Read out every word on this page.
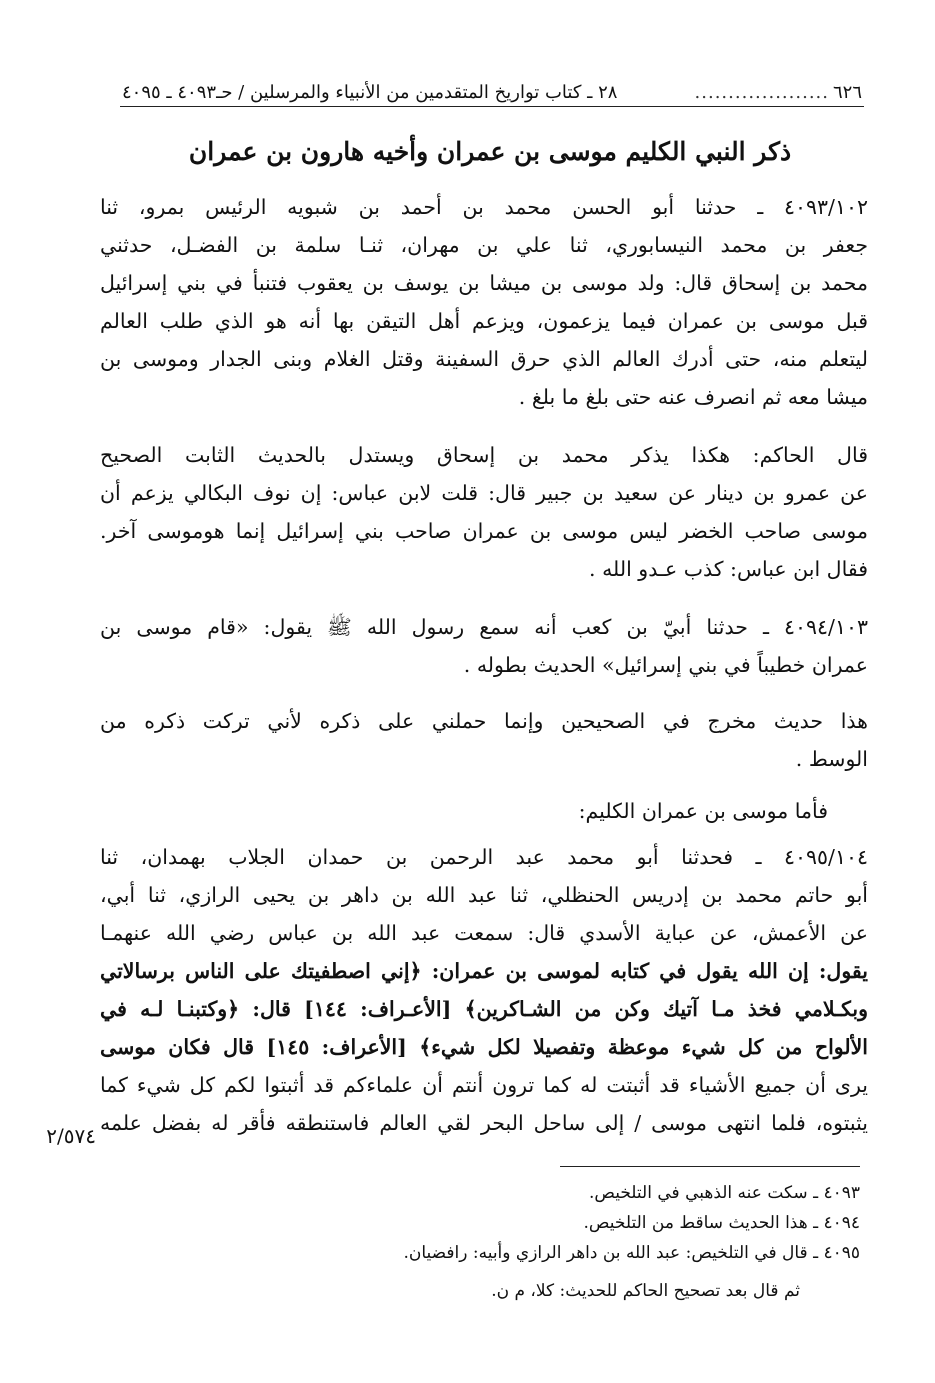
٦٢٦
....................
٢٨ ـ كتاب تواريخ المتقدمين من الأنبياء والمرسلين / حـ٤٠٩٣ ـ ٤٠٩٥
ذكر النبي الكليم موسى بن عمران وأخيه هارون بن عمران
٤٠٩٣/١٠٢ ـ حدثنا أبو الحسن محمد بن أحمد بن شبويه الرئيس بمرو، ثنا
جعفر بن محمد النيسابوري، ثنا علي بن مهران، ثنـا سلمة بن الفضـل، حدثني
محمد بن إسحاق قال: ولد موسى بن ميشا بن يوسف بن يعقوب فتنبأ في بني إسرائيل
قبل موسى بن عمران فيما يزعمون، ويزعم أهل التيقن بها أنه هو الذي طلب العالم
ليتعلم منه، حتى أدرك العالم الذي حرق السفينة وقتل الغلام وبنى الجدار وموسى بن
ميشا معه ثم انصرف عنه حتى بلغ ما بلغ .
قال الحاكم: هكذا يذكر محمد بن إسحاق ويستدل بالحديث الثابت الصحيح
عن عمرو بن دينار عن سعيد بن جبير قال: قلت لابن عباس: إن نوف البكالي يزعم أن
موسى صاحب الخضر ليس موسى بن عمران صاحب بني إسرائيل إنما هوموسى آخر.
فقال ابن عباس: كذب عـدو الله .
٤٠٩٤/١٠٣ ـ حدثنا أبيّ بن كعب أنه سمع رسول الله ﷺ يقول: «قام موسى بن
عمران خطيباً في بني إسرائيل» الحديث بطوله .
هذا حديث مخرج في الصحيحين وإنما حملني على ذكره لأني تركت ذكره من
الوسط .
فأما موسى بن عمران الكليم:
٤٠٩٥/١٠٤ ـ فحدثنا أبو محمد عبد الرحمن بن حمدان الجلاب بهمدان، ثنا
أبو حاتم محمد بن إدريس الحنظلي، ثنا عبد الله بن داهر بن يحيى الرازي، ثنا أبي،
عن الأعمش، عن عباية الأسدي قال: سمعت عبد الله بن عباس رضي الله عنهمـا
يقول: إن الله يقول في كتابه لموسى بن عمران: ﴿إني اصطفيتك على الناس برسالاتي
وبكـلامي فخذ مـا آتيك وكن من الشـاكرين﴾ [الأعـراف: ١٤٤] قال: ﴿وكتبنـا لـه في
الألواح من كل شيء موعظة وتفصيلا لكل شيء﴾ [الأعراف: ١٤٥] قال فكان موسى
يرى أن جميع الأشياء قد أثبتت له كما ترون أنتم أن علماءكم قد أثبتوا لكم كل شيء كما
يثبتوه، فلما انتهى موسى / إلى ساحل البحر لقي العالم فاستنطقه فأقر له بفضل علمه
٢/٥٧٤
٤٠٩٣ ـ سكت عنه الذهبي في التلخيص.
٤٠٩٤ ـ هذا الحديث ساقط من التلخيص.
٤٠٩٥ ـ قال في التلخيص: عبد الله بن داهر الرازي وأبيه: رافضيان.
ثم قال بعد تصحيح الحاكم للحديث: كلا، م ن.
